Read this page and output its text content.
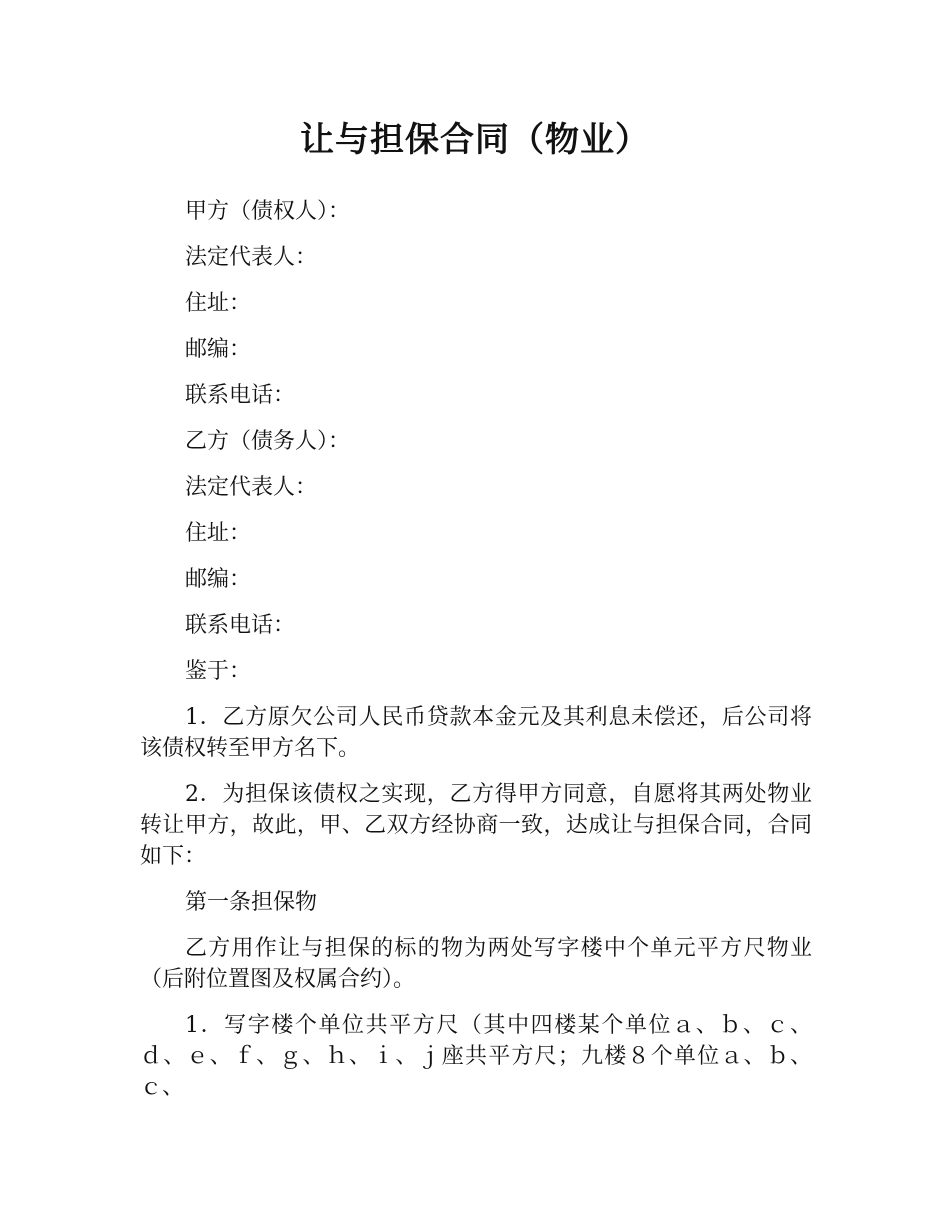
让与担保合同（物业）

甲方（债权人）：

法定代表人：

住址：

邮编：

联系电话：

乙方（债务人）：

法定代表人：

住址：

邮编：

联系电话：

鉴于：

1．乙方原欠公司人民币贷款本金元及其利息未偿还，后公司将该债权转至甲方名下。

2．为担保该债权之实现，乙方得甲方同意，自愿将其两处物业转让甲方，故此，甲、乙双方经协商一致，达成让与担保合同，合同如下：

第一条担保物

乙方用作让与担保的标的物为两处写字楼中个单元平方尺物业（后附位置图及权属合约）。

1．写字楼个单位共平方尺（其中四楼某个单位ａ、ｂ、ｃ、ｄ、ｅ、ｆ、ｇ、ｈ、ｉ、ｊ座共平方尺；九楼８个单位ａ、ｂ、ｃ、
